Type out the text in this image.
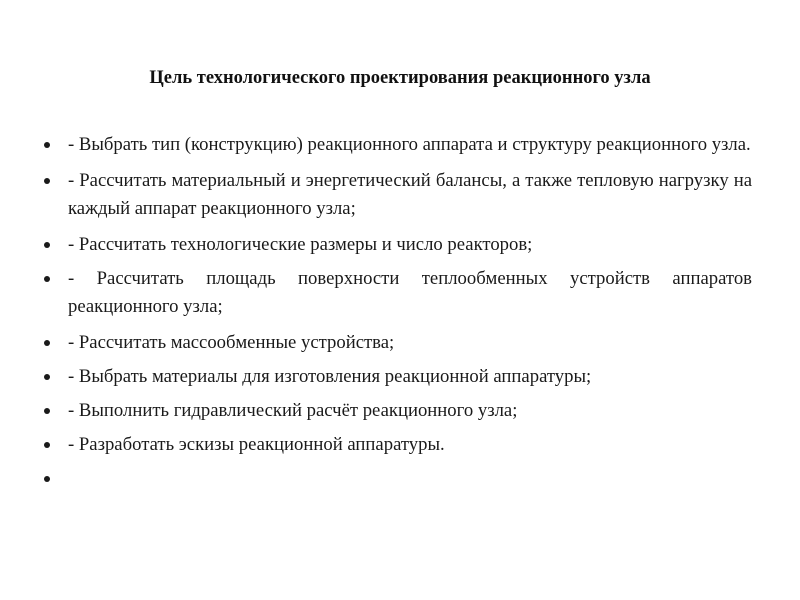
Цель технологического проектирования реакционного узла
- Выбрать тип (конструкцию) реакционного аппарата и структуру реакционного узла.
- Рассчитать материальный и энергетический балансы, а также тепловую нагрузку на каждый аппарат реакционного узла;
- Рассчитать технологические размеры и число реакторов;
- Рассчитать площадь поверхности теплообменных устройств аппаратов реакционного узла;
- Рассчитать массообменные устройства;
- Выбрать материалы для изготовления реакционной аппаратуры;
- Выполнить гидравлический расчёт реакционного узла;
- Разработать эскизы реакционной аппаратуры.
